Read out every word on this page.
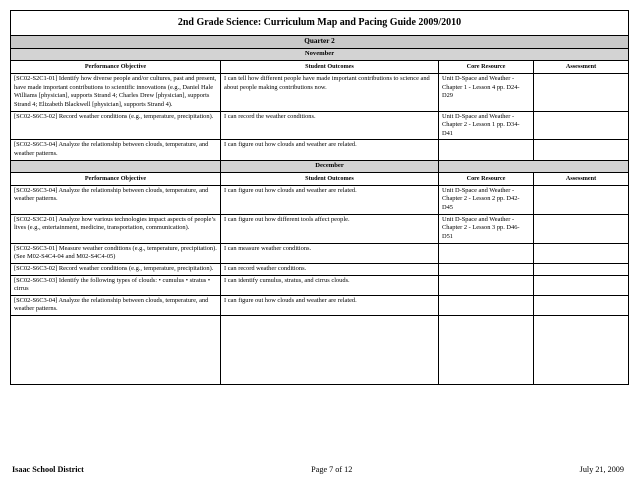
2nd Grade Science: Curriculum Map and Pacing Guide 2009/2010			
Quarter 2			
November			
Performance Objective	Student Outcomes	Core Resource	Assessment
[SC02-S2C1-01] Identify how diverse people and/or cultures, past and present, have made important contributions to scientific innovations (e.g., Daniel Hale Williams [physician], supports Strand 4; Charles Drew [physician], supports Strand 4; Elizabeth Blackwell [physician], supports Strand 4).	I can tell how different people have made important contributions to science and about people making contributions now.	Unit D-Space and Weather - Chapter 1 - Lesson 4 pp. D24-D29	
[SC02-S6C3-02] Record weather conditions (e.g., temperature, precipitation).	I can record the weather conditions.	Unit D-Space and Weather - Chapter 2 - Lesson 1 pp. D34-D41	
[SC02-S6C3-04] Analyze the relationship between clouds, temperature, and weather patterns.	I can figure out how clouds and weather are related.		
	December		
Performance Objective	Student Outcomes	Core Resource	Assessment
[SC02-S6C3-04] Analyze the relationship between clouds, temperature, and weather patterns.	I can figure out how clouds and weather are related.	Unit D-Space and Weather - Chapter 2 - Lesson 2 pp. D42-D45	
[SC02-S3C2-01] Analyze how various technologies impact aspects of people’s lives (e.g., entertainment, medicine, transportation, communication).	I can figure out how different tools affect people.	Unit D-Space and Weather - Chapter 2 - Lesson 3 pp. D46-D51	
[SC02-S6C3-01] Measure weather conditions (e.g., temperature, precipitation). (See M02-S4C4-04 and M02-S4C4-05)	I can measure weather conditions.		
[SC02-S6C3-02] Record weather conditions (e.g., temperature, precipitation).	I can record weather conditions.		
[SC02-S6C3-03] Identify the following types of clouds: • cumulus • stratus • cirrus	I can identify cumulus, stratus, and cirrus clouds.		
[SC02-S6C3-04] Analyze the relationship between clouds, temperature, and weather patterns.	I can figure out how clouds and weather are related.		

Isaac School District	Page 7 of 12	July 21, 2009
